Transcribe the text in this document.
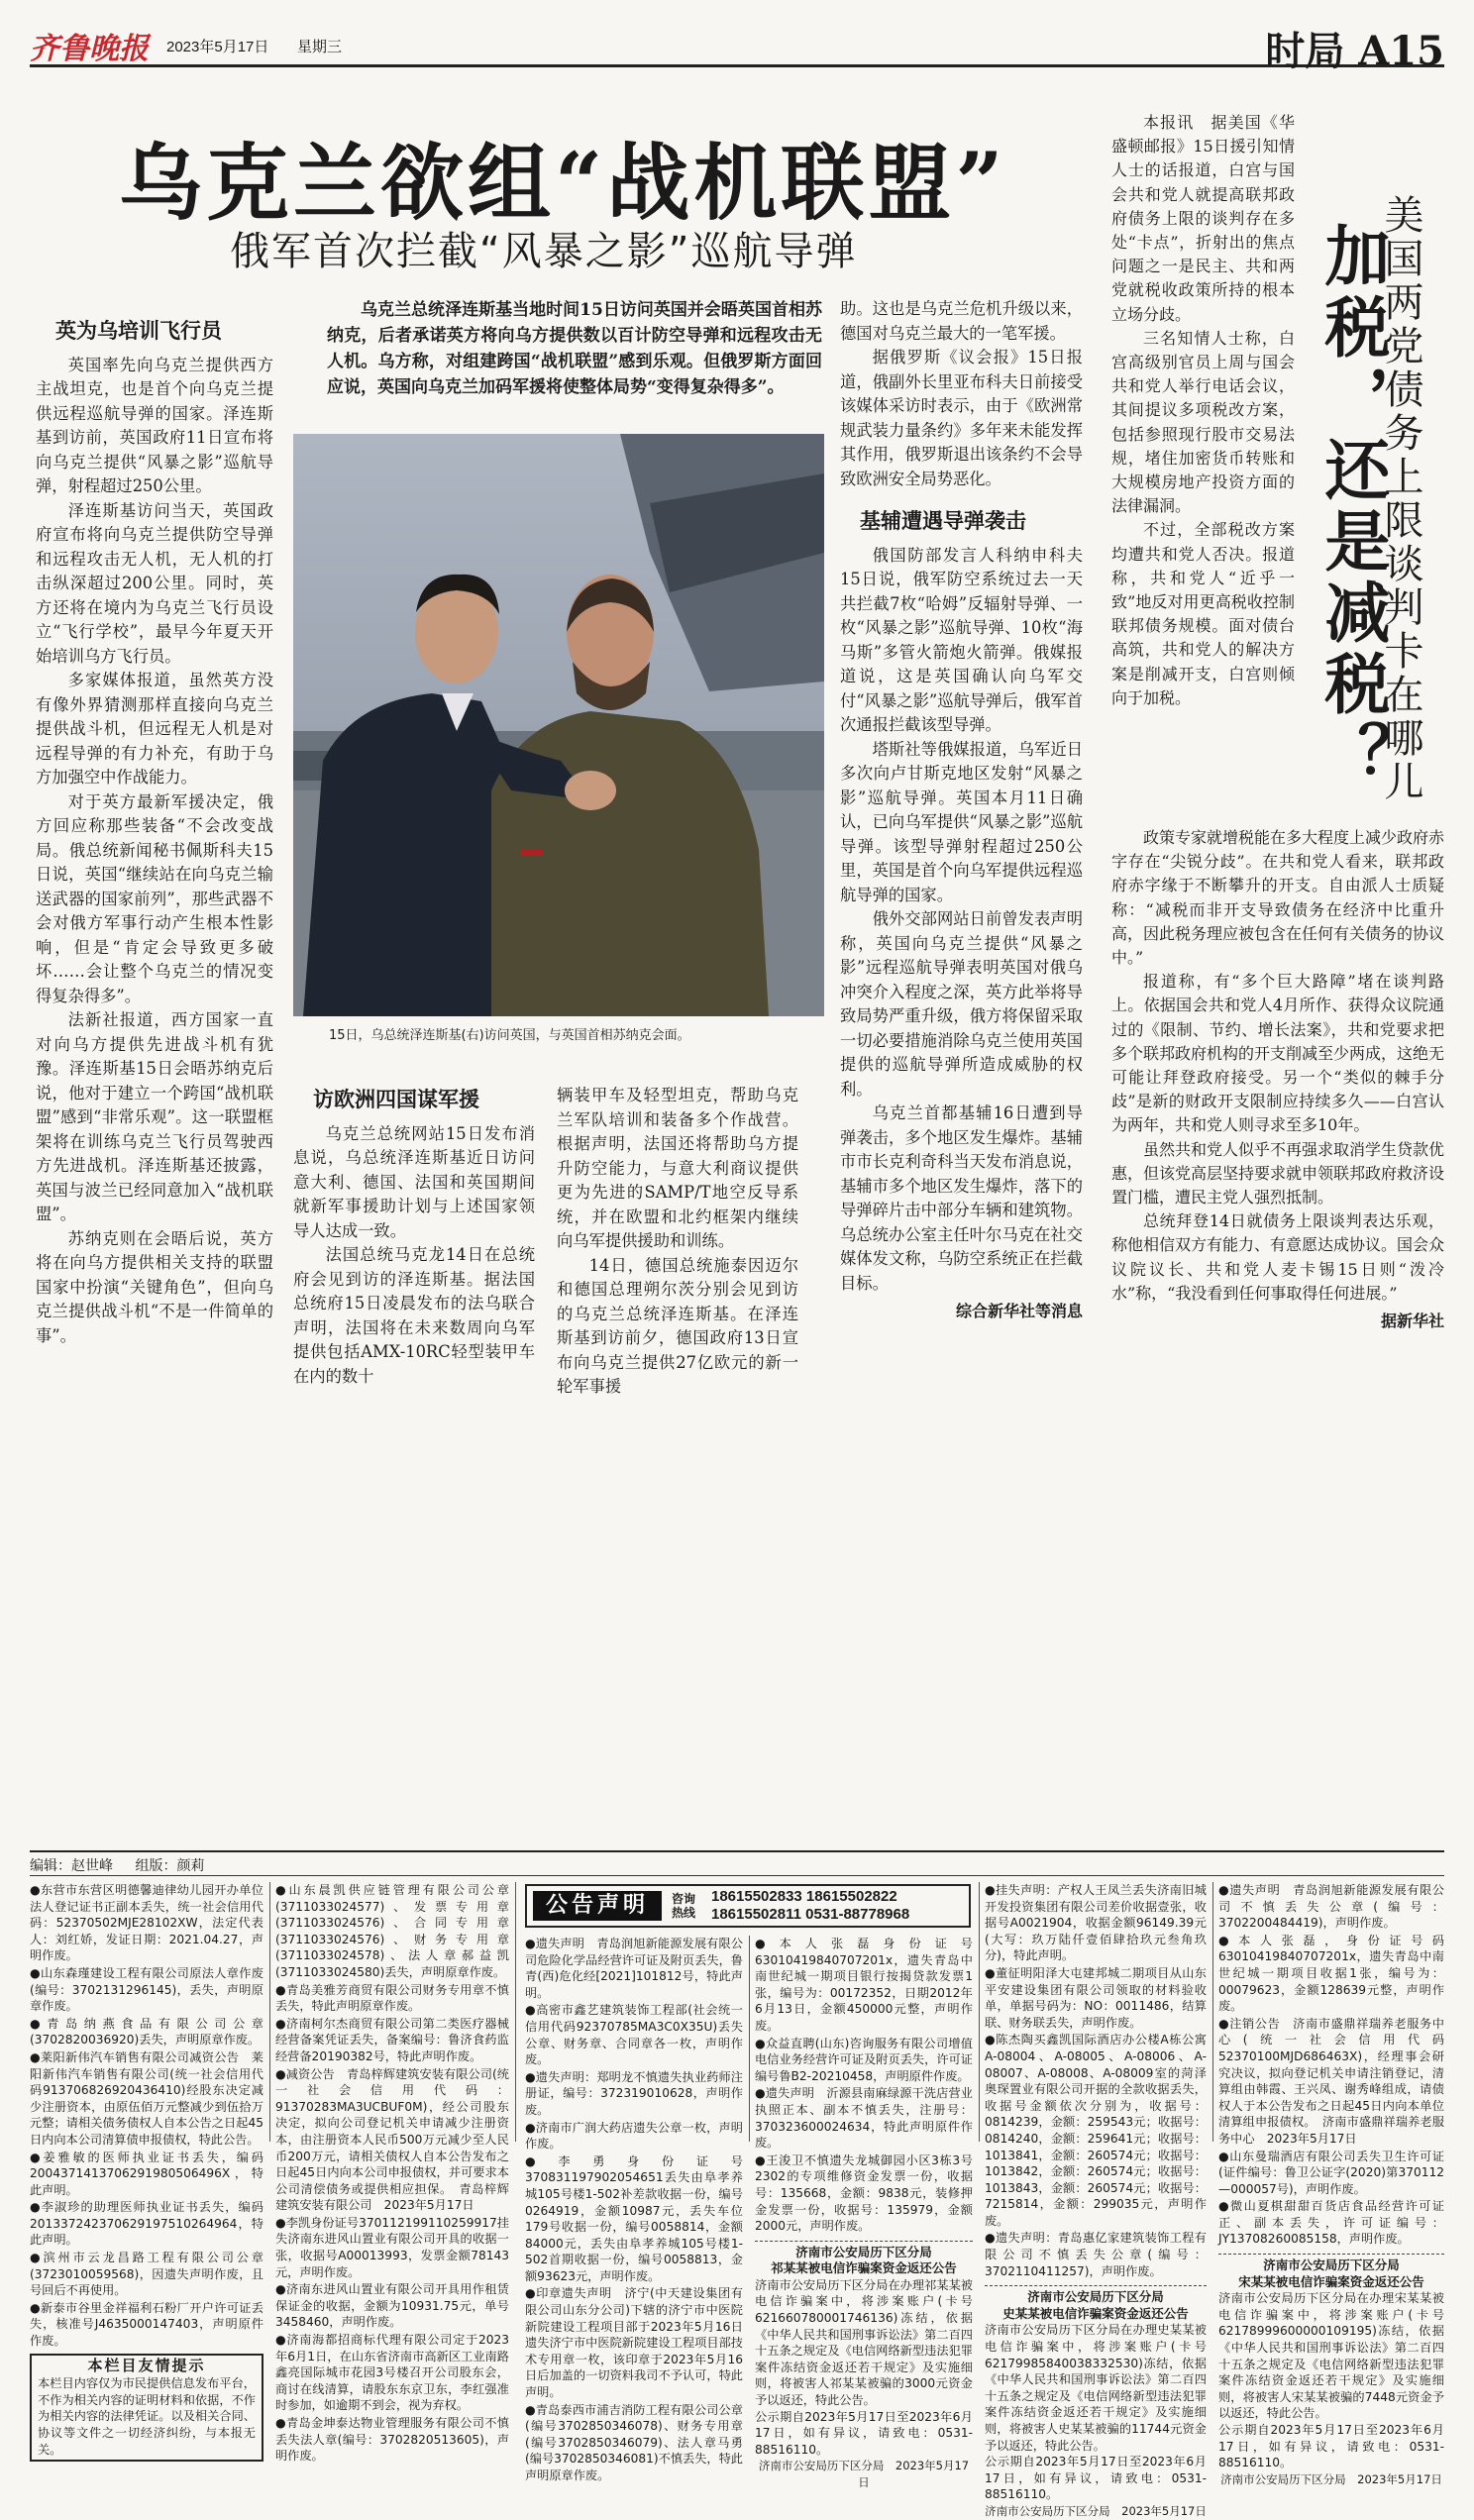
齐鲁晚报 2023年5月17日 星期三	时局 A15
乌克兰欲组“战机联盟”
俄军首次拦截“风暴之影”巡航导弹
乌克兰总统泽连斯基当地时间15日访问英国并会晤英国首相苏纳克，后者承诺英方将向乌方提供数以百计防空导弹和远程攻击无人机。乌方称，对组建跨国“战机联盟”感到乐观。但俄罗斯方面回应说，英国向乌克兰加码军援将使整体局势“变得复杂得多”。
英为乌培训飞行员

英国率先向乌克兰提供西方主战坦克，也是首个向乌克兰提供远程巡航导弹的国家。泽连斯基到访前，英国政府11日宣布将向乌克兰提供“风暴之影”巡航导弹，射程超过250公里。

泽连斯基访问当天，英国政府宣布将向乌克兰提供防空导弹和远程攻击无人机，无人机的打击纵深超过200公里。同时，英方还将在境内为乌克兰飞行员设立“飞行学校”，最早今年夏天开始培训乌方飞行员。

多家媒体报道，虽然英方没有像外界猜测那样直接向乌克兰提供战斗机，但远程无人机是对远程导弹的有力补充，有助于乌方加强空中作战能力。

对于英方最新军援决定，俄方回应称那些装备“不会改变战局。俄总统新闻秘书佩斯科夫15日说，英国“继续站在向乌克兰输送武器的国家前列”，那些武器不会对俄方军事行动产生根本性影响，但是“肯定会导致更多破坏……会让整个乌克兰的情况变得复杂得多”。

法新社报道，西方国家一直对向乌方提供先进战斗机有犹豫。泽连斯基15日会晤苏纳克后说，他对于建立一个跨国“战机联盟”感到“非常乐观”。这一联盟框架将在训练乌克兰飞行员驾驶西方先进战机。泽连斯基还披露，英国与波兰已经同意加入“战机联盟”。

苏纳克则在会晤后说，英方将在向乌方提供相关支持的联盟国家中扮演“关键角色”，但向乌克兰提供战斗机“不是一件简单的事”。

15日，乌总统泽连斯基(右)访问英国，与英国首相苏纳克会面。
访欧洲四国谋军援

乌克兰总统网站15日发布消息说，乌总统泽连斯基近日访问意大利、德国、法国和英国期间就新军事援助计划与上述国家领导人达成一致。

法国总统马克龙14日在总统府会见到访的泽连斯基。据法国总统府15日凌晨发布的法乌联合声明，法国将在未来数周向乌军提供包括AMX-10RC轻型装甲车在内的数十

辆装甲车及轻型坦克，帮助乌克兰军队培训和装备多个作战营。根据声明，法国还将帮助乌方提升防空能力，与意大利商议提供更为先进的SAMP/T地空反导系统，并在欧盟和北约框架内继续向乌军提供援助和训练。

14日，德国总统施泰因迈尔和德国总理朔尔茨分别会见到访的乌克兰总统泽连斯基。在泽连斯基到访前夕，德国政府13日宣布向乌克兰提供27亿欧元的新一轮军事援

助。这也是乌克兰危机升级以来，德国对乌克兰最大的一笔军援。

据俄罗斯《议会报》15日报道，俄副外长里亚布科夫日前接受该媒体采访时表示，由于《欧洲常规武装力量条约》多年来未能发挥其作用，俄罗斯退出该条约不会导致欧洲安全局势恶化。

基辅遭遇导弹袭击

俄国防部发言人科纳申科夫15日说，俄军防空系统过去一天共拦截7枚“哈姆”反辐射导弹、一枚“风暴之影”巡航导弹、10枚“海马斯”多管火箭炮火箭弹。俄媒报道说，这是英国确认向乌军交付“风暴之影”巡航导弹后，俄军首次通报拦截该型导弹。

塔斯社等俄媒报道，乌军近日多次向卢甘斯克地区发射“风暴之影”巡航导弹。英国本月11日确认，已向乌军提供“风暴之影”巡航导弹。该型导弹射程超过250公里，英国是首个向乌军提供远程巡航导弹的国家。

俄外交部网站日前曾发表声明称，英国向乌克兰提供“风暴之影”远程巡航导弹表明英国对俄乌冲突介入程度之深，英方此举将导致局势严重升级，俄方将保留采取一切必要措施消除乌克兰使用英国提供的巡航导弹所造成威胁的权利。

乌克兰首都基辅16日遭到导弹袭击，多个地区发生爆炸。基辅市市长克利奇科当天发布消息说，基辅市多个地区发生爆炸，落下的导弹碎片击中部分车辆和建筑物。乌总统办公室主任叶尔马克在社交媒体发文称，乌防空系统正在拦截目标。

综合新华社等消息
美国两党债务上限谈判卡在哪儿
加税，还是减税？

本报讯　据美国《华盛顿邮报》15日援引知情人士的话报道，白宫与国会共和党人就提高联邦政府债务上限的谈判存在多处“卡点”，折射出的焦点问题之一是民主、共和两党就税收政策所持的根本立场分歧。

三名知情人士称，白宫高级别官员上周与国会共和党人举行电话会议，其间提议多项税改方案，包括参照现行股市交易法规，堵住加密货币转账和大规模房地产投资方面的法律漏洞。

不过，全部税改方案均遭共和党人否决。报道称，共和党人“近乎一致”地反对用更高税收控制联邦债务规模。面对债台高筑，共和党人的解决方案是削减开支，白宫则倾向于加税。

政策专家就增税能在多大程度上减少政府赤字存在“尖锐分歧”。在共和党人看来，联邦政府赤字缘于不断攀升的开支。自由派人士质疑称：“减税而非开支导致债务在经济中比重升高，因此税务理应被包含在任何有关债务的协议中。”

报道称，有“多个巨大路障”堵在谈判路上。依据国会共和党人4月所作、获得众议院通过的《限制、节约、增长法案》，共和党要求把多个联邦政府机构的开支削减至少两成，这绝无可能让拜登政府接受。另一个“类似的棘手分歧”是新的财政开支限制应持续多久——白宫认为两年，共和党人则寻求至多10年。

虽然共和党人似乎不再强求取消学生贷款优惠，但该党高层坚持要求就申领联邦政府救济设置门槛，遭民主党人强烈抵制。

总统拜登14日就债务上限谈判表达乐观，称他相信双方有能力、有意愿达成协议。国会众议院议长、共和党人麦卡锡15日则“泼冷水”称，“我没看到任何事取得任何进展。”

据新华社
编辑：赵世峰 组版：颜莉
●东营市东营区明德馨迪律幼儿园开办单位法人登记证书正副本丢失，统一社会信用代码：52370502MJE28102XW，法定代表人：刘红娇，发证日期：2021.04.27，声明作废。
●山东森瑾建设工程有限公司原法人章作废(编号：3702131296145)，丢失，声明原章作废。
●青岛纳燕食品有限公司公章(3702820036920)丢失，声明原章作废。
●莱阳新伟汽车销售有限公司减资公告　莱阳新伟汽车销售有限公司(统一社会信用代码913706826920436410)经股东决定减少注册资本，由原伍佰万元整减少到伍拾万元整；请相关债务债权人自本公告之日起45日内向本公司清算债申报债权，特此公告。
●姜雅敏的医师执业证书丢失，编码2004371413706291980506496X，特此声明。
●李淑珍的助理医师执业证书丢失，编码20133724237062919751026496​4，特此声明。
●滨州市云龙昌路工程有限公司公章(3723010059568)，因遗失声明作废，且号回后不再使用。
●新泰市谷里金祥福利石粉厂开户许可证丢失，核准号J4635000147403，声明原件作废。
本栏目友情提示
本栏目内容仅为市民提供信息发布平台，不作为相关内容的证明材料和依据，不作为相关内容的法律凭证。以及相关合同、协议等文件之一切经济纠纷，与本报无关。
●山东晨凯供应链管理有限公司公章(3711033024577)、发票专用章(3711033024576)、合同专用章(3711033024576)、财务专用章(3711033024578)、法人章郝益凯(3711033024580)丢失，声明原章作废。
●青岛美雅芳商贸有限公司财务专用章不慎丢失，特此声明原章作废。
●济南柯尔杰商贸有限公司第二类医疗器械经营备案凭证丢失，备案编号：鲁济食药监经营备20190382号，特此声明作废。
●减资公告　青岛梓辉建筑安装有限公司(统一社会信用代码：91370283MA3UCBUF0M)，经公司股东决定，拟向公司登记机关申请减少注册资本，由注册资本人民币500万元减少至人民币200万元，请相关债权人自本公告发布之日起45日内向本公司申报债权，并可要求本公司清偿债务或提供相应担保。　青岛梓辉建筑安装有限公司　2023年5月17日
●李凯身份证号370112199110259917挂失济南东进风山置业有限公司开具的收据一张，收据号A00013993，发票金额78143元，声明作废。
●济南东进风山置业有限公司开具用作租赁保证金的收据，金额为10931.75元，单号3458460，声明作废。
●济南海都招商标代理有限公司定于2023年6月1日，在山东省济南市高新区工业南路鑫亮国际城市花园3号楼召开公司股东会，商讨在线清算，请股东东京卫东，李红强准时参加，如逾期不到会，视为弃权。
●青岛金坤泰达物业管理服务有限公司不慎丢失法人章(编号：3702820513605)，声明作废。
公告声明	咨询热线
18615502833 18615502822
18615502811 0531-88778968
●遗失声明　青岛润旭新能源发展有限公司危险化学品经营许可证及附页丢失，鲁青(西)危化经[2021]101812号，特此声明。
●高密市鑫艺建筑装饰工程部(社会统一信用代码92370785MA3C0X35U)丢失公章、财务章、合同章各一枚，声明作废。
●遗失声明：郑明龙不慎遗失执业药师注册证，编号：372319010628，声明作废。
●济南市广润大药店遗失公章一枚，声明作废。
●李勇身份证号370831197902054651丢失由阜孝养城105号楼1-502补差款收据一份，编号0264919，金额10987元，丢失车位179号收据一份，编号0058814，金额84000元，丢失由阜孝养城105号楼1-502首期收据一份，编号0058813，金额93623元，声明作废。
●印章遗失声明　济宁(中天建设集团有限公司山东分公司)下辖的济宁市中医院新院建设工程项目部于2023年5月16日遗失济宁市中医院新院建设工程项目部技术专用章一枚，该印章于2023年5月16日后加盖的一切资料我司不予认可，特此声明。
●青岛泰西市浦吉消防工程有限公司公章(编号3702850346078)、财务专用章(编号3702850346079)、法人章马勇(编号3702850346081)不慎丢失，特此声明原章作废。
●本人张磊身份证号630104198407072​01x，遗失青岛中南世纪城一期项目银行按揭贷款发票1张，编号为：00172352，日期2012年6月13日，金额450000元整，声明作废。
●众益直聘(山东)咨询服务有限公司增值电信业务经营许可证及附页丢失，许可证编号鲁B2-20210458，声明原件作废。
●遗失声明　沂源县南麻绿源干洗店营业执照正本、副本不慎丢失，注册号：370323600024634，特此声明原件作废。
●王浚卫不慎遗失龙城御园小区3栋3号2302的专项维修资金发票一份，收据号：135668，金额：9838元，装修押金发票一份，收据号：135979，金额2000元，声明作废。
济南市公安局历下区分局
祁某某被电信诈骗案资金返还公告
济南市公安局历下区分局在办理祁某某被电信诈骗案中，将涉案账户(卡号6216607800017461​36)冻结，依据《中华人民共和国刑事诉讼法》第二百四十五条之规定及《电信网络新型违法犯罪案件冻结资金返还若干规定》及实施细则，将被害人祁某某被骗的3000元资金予以返还，特此公告。
公示期自2023年5月17日至2023年6月17日，如有异议，请致电：0531-88516110。
济南市公安局历下区分局　2023年5月17日
●挂失声明：产权人王凤兰丢失济南旧城开发投资集团有限公司差价收据壹张，收据号A0021904，收据金额96149.39元(大写：玖万陆仟壹佰肆拾玖元叁角玖分)，特此声明。
●董征明阳泽大屯建邦城二期项目从山东平安建设集团有限公司领取的材料验收单，单据号码为：NO：0011486，结算联、财务联丢失，声明作废。
●陈杰陶买鑫凯国际酒店办公楼A栋公寓A-08004、A-08005、A-08006、A-08007、A-08008、A-08009室的菏泽奥琛置业有限公司开据的全款收据丢失，收据号金额依次分别为，收据号：0814239，金额：259543元；收据号：0814240，金额：259641元；收据号：1013841，金额：260574元；收据号：1013842，金额：260574元；收据号：1013843，金额：260574元；收据号：7215814，金额：299035元，声明作废。
●遗失声明：青岛惠亿家建筑装饰工程有限公司不慎丢失公章(编号：3702110411257)，声明作废。
济南市公安局历下区分局
史某某被电信诈骗案资金返还公告
济南市公安局历下区分局在办理史某某被电信诈骗案中，将涉案账户(卡号621799858400383325​30)冻结，依据《中华人民共和国刑事诉讼法》第二百四十五条之规定及《电信网络新型违法犯罪案件冻结资金返还若干规定》及实施细则，将被害人史某某被骗的11744元资金予以返还，特此公告。
公示期自2023年5月17日至2023年6月17日，如有异议，请致电：0531-88516110。
济南市公安局历下区分局　2023年5月17日
●遗失声明　青岛润旭新能源发展有限公司不慎丢失公章(编号：3702200484419)，声明作废。
●本人张磊，身份证号码630104198407072​01x，遗失青岛中南世纪城一期项目收据1张，编号为：00079623，金额128639元整，声明作废。
●注销公告　济南市盛鼎祥瑞养老服务中心(统一社会信用代码52370100MJD686463X)，经理事会研究决议，拟向登记机关申请注销登记，清算组由韩霞、王兴凤、谢秀峰组成，请债权人于本公告发布之日起45日内向本单位清算组申报债权。　济南市盛鼎祥瑞养老服务中心　2023年5月17日
●山东曼瑞酒店有限公司丢失卫生许可证(证件编号：鲁卫公证字(2020)第370112—000057号)，声明作废。
●微山夏棋甜甜百货店食品经营许可证正、副本丢失，许可证编号：JY13708260085158，声明作废。
济南市公安局历下区分局
宋某某被电信诈骗案资金返还公告
济南市公安局历下区分局在办理宋某某被电信诈骗案中，将涉案账户(卡号62178999600000109195)冻结，依据《中华人民共和国刑事诉讼法》第二百四十五条之规定及《电信网络新型违法犯罪案件冻结资金返还若干规定》及实施细则，将被害人宋某某被骗的7448元资金予以返还，特此公告。
公示期自2023年5月17日至2023年6月17日，如有异议，请致电：0531-88516110。
济南市公安局历下区分局　2023年5月17日
